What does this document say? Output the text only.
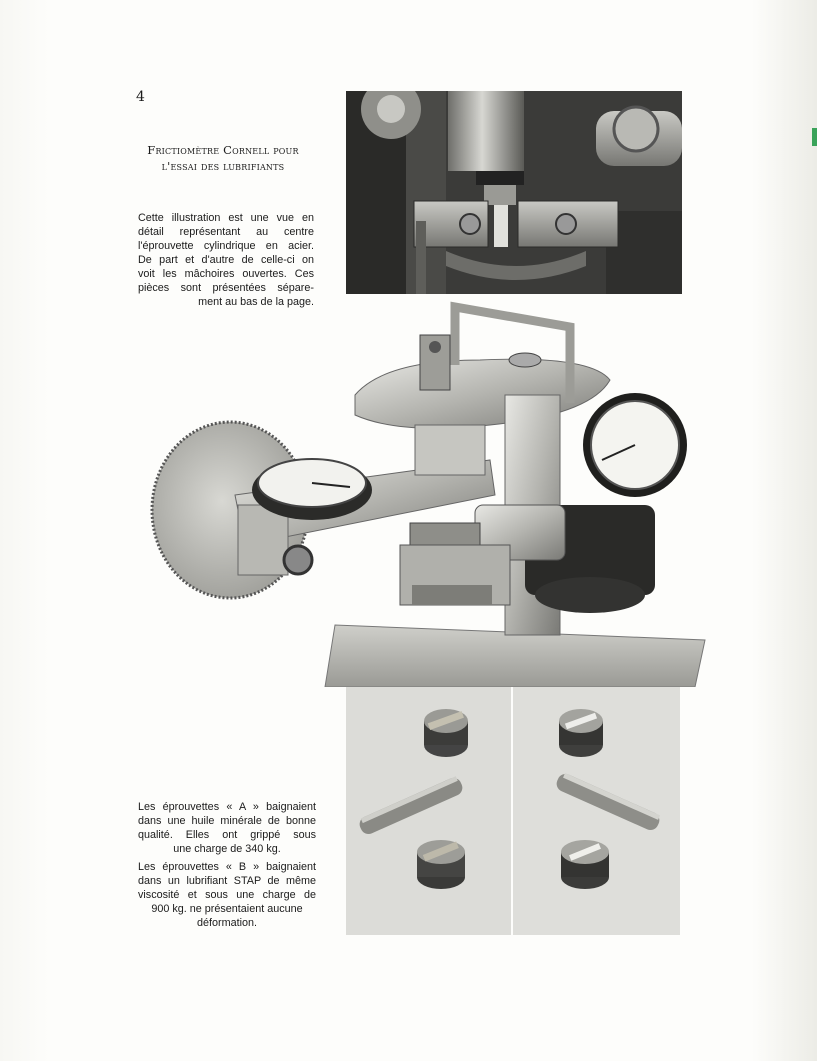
4
Frictiomètre Cornell pour
l'essai des lubrifiants
Cette illustration est une vue en
détail représentant au centre
l'éprouvette cylindrique en acier.
De part et d'autre de celle-ci on
voit les mâchoires ouvertes. Ces
pièces sont présentées sépare-
ment au bas de la page.
Les éprouvettes « A » baignaient
dans une huile minérale de bonne
qualité. Elles ont grippé sous
une charge de 340 kg.
Les éprouvettes « B » baignaient
dans un lubrifiant STAP de même
viscosité et sous une charge de
900 kg. ne présentaient aucune
déformation.
